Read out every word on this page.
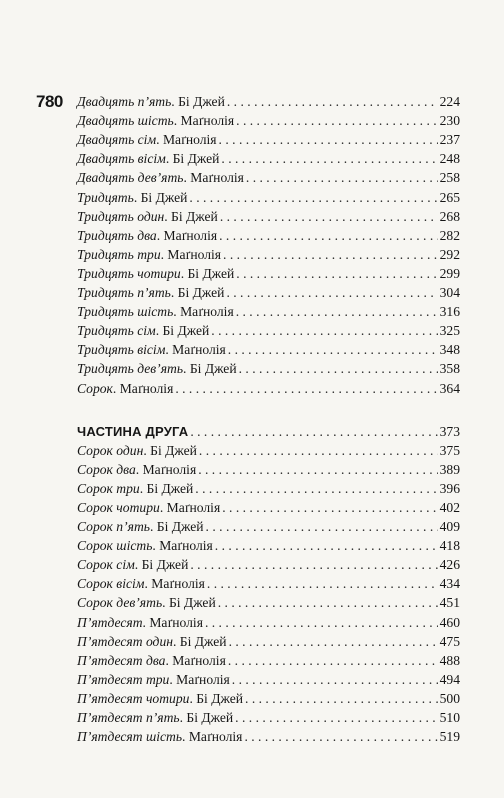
780 Двадцять п’ять. Бі Джей . . .	224
Двадцять шість. Маґнолія . . .	230
Двадцять сім. Маґнолія . . .	237
Двадцять вісім. Бі Джей . . .	248
Двадцять дев’ять. Маґнолія . . .	258
Тридцять. Бі Джей . . .	265
Тридцять один. Бі Джей . . .	268
Тридцять два. Маґнолія . . .	282
Тридцять три. Маґнолія . . .	292
Тридцять чотири. Бі Джей . . .	299
Тридцять п’ять. Бі Джей . . .	304
Тридцять шість. Маґнолія . . .	316
Тридцять сім. Бі Джей . . .	325
Тридцять вісім. Маґнолія . . .	348
Тридцять дев’ять. Бі Джей . . .	358
Сорок. Маґнолія . . .	364
ЧАСТИНА ДРУГА . . .	373
Сорок один. Бі Джей . . .	375
Сорок два. Маґнолія . . .	389
Сорок три. Бі Джей . . .	396
Сорок чотири. Маґнолія . . .	402
Сорок п’ять. Бі Джей . . .	409
Сорок шість. Маґнолія . . .	418
Сорок сім. Бі Джей . . .	426
Сорок вісім. Маґнолія . . .	434
Сорок дев’ять. Бі Джей . . .	451
П’ятдесят. Маґнолія . . .	460
П’ятдесят один. Бі Джей . . .	475
П’ятдесят два. Маґнолія . . .	488
П’ятдесят три. Маґнолія . . .	494
П’ятдесят чотири. Бі Джей . . .	500
П’ятдесят п’ять. Бі Джей . . .	510
П’ятдесят шість. Маґнолія . . .	519
